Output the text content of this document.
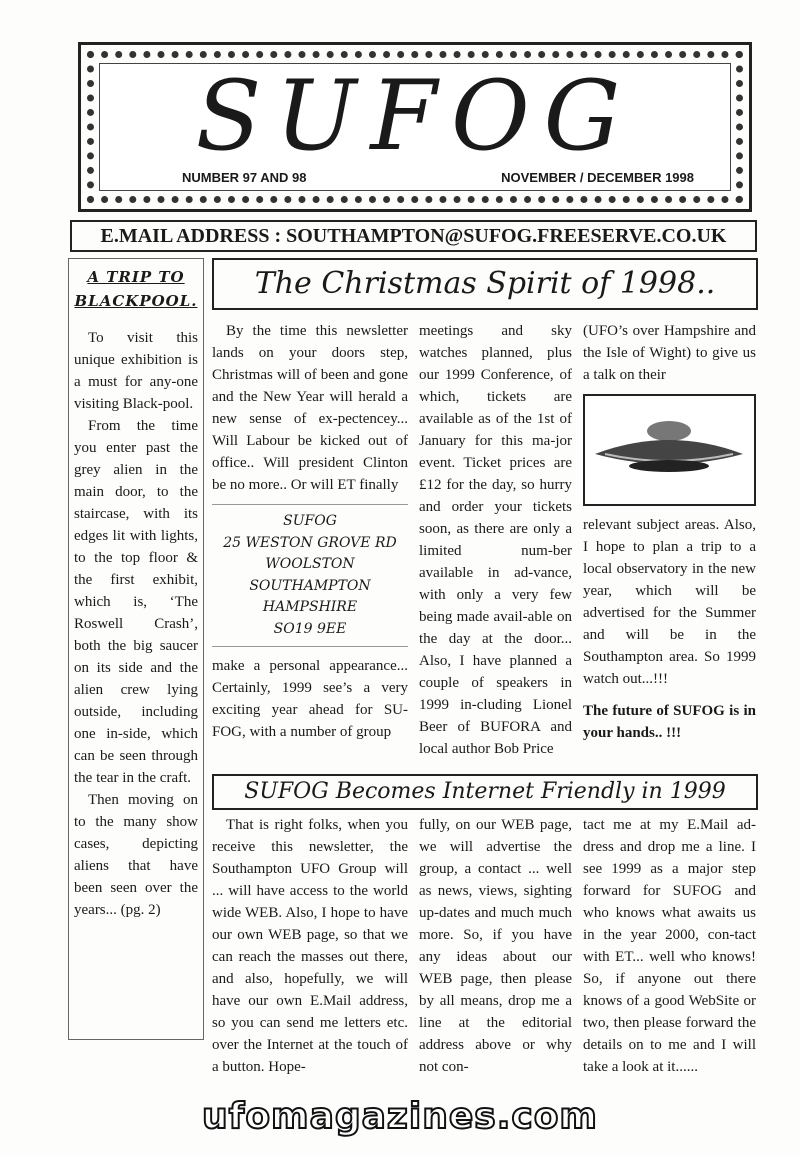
SUFOG
NUMBER 97 AND 98	NOVEMBER / DECEMBER 1998
E.MAIL ADDRESS : SOUTHAMPTON@SUFOG.FREESERVE.CO.UK
A TRIP TO BLACKPOOL.

To visit this unique exhibition is a must for any-one visiting Black-pool.

From the time you enter past the grey alien in the main door, to the staircase, with its edges lit with lights, to the top floor & the first exhibit, which is, ‘The Roswell Crash’, both the big saucer on its side and the alien crew lying outside, including one in-side, which can be seen through the tear in the craft.

Then moving on to the many show cases, depicting aliens that have been seen over the years... (pg. 2)

The Christmas Spirit of 1998..

By the time this newsletter lands on your doors step, Christmas will of been and gone and the New Year will herald a new sense of ex-pectencey... Will Labour be kicked out of office.. Will president Clinton be no more.. Or will ET finally

SUFOG
25 WESTON GROVE RD
WOOLSTON
SOUTHAMPTON
HAMPSHIRE
SO19 9EE

make a personal appearance... Certainly, 1999 see’s a very exciting year ahead for SU-FOG, with a number of group

meetings and sky watches planned, plus our 1999 Conference, of which, tickets are available as of the 1st of January for this ma-jor event. Ticket prices are £12 for the day, so hurry and order your tickets soon, as there are only a limited num-ber available in ad-vance, with only a very few being made avail-able on the day at the door... Also, I have planned a couple of speakers in 1999 in-cluding Lionel Beer of BUFORA and local author Bob Price

(UFO’s over Hampshire and the Isle of Wight) to give us a talk on their

relevant subject areas. Also, I hope to plan a trip to a local observatory in the new year, which will be advertised for the Summer and will be in the Southampton area. So 1999 watch out...!!!

The future of SUFOG is in your hands.. !!!

SUFOG Becomes Internet Friendly in 1999

That is right folks, when you receive this newsletter, the Southampton UFO Group will ... will have access to the world wide WEB. Also, I hope to have our own WEB page, so that we can reach the masses out there, and also, hopefully, we will have our own E.Mail address, so you can send me letters etc. over the Internet at the touch of a button. Hope-

fully, on our WEB page, we will advertise the group, a contact ... well as news, views, sighting up-dates and much much more. So, if you have any ideas about our WEB page, then please by all means, drop me a line at the editorial address above or why not con-

tact me at my E.Mail ad-dress and drop me a line. I see 1999 as a major step forward for SUFOG and who knows what awaits us in the year 2000, con-tact with ET... well who knows! So, if anyone out there knows of a good WebSite or two, then please forward the details on to me and I will take a look at it......

ufomagazines.com
